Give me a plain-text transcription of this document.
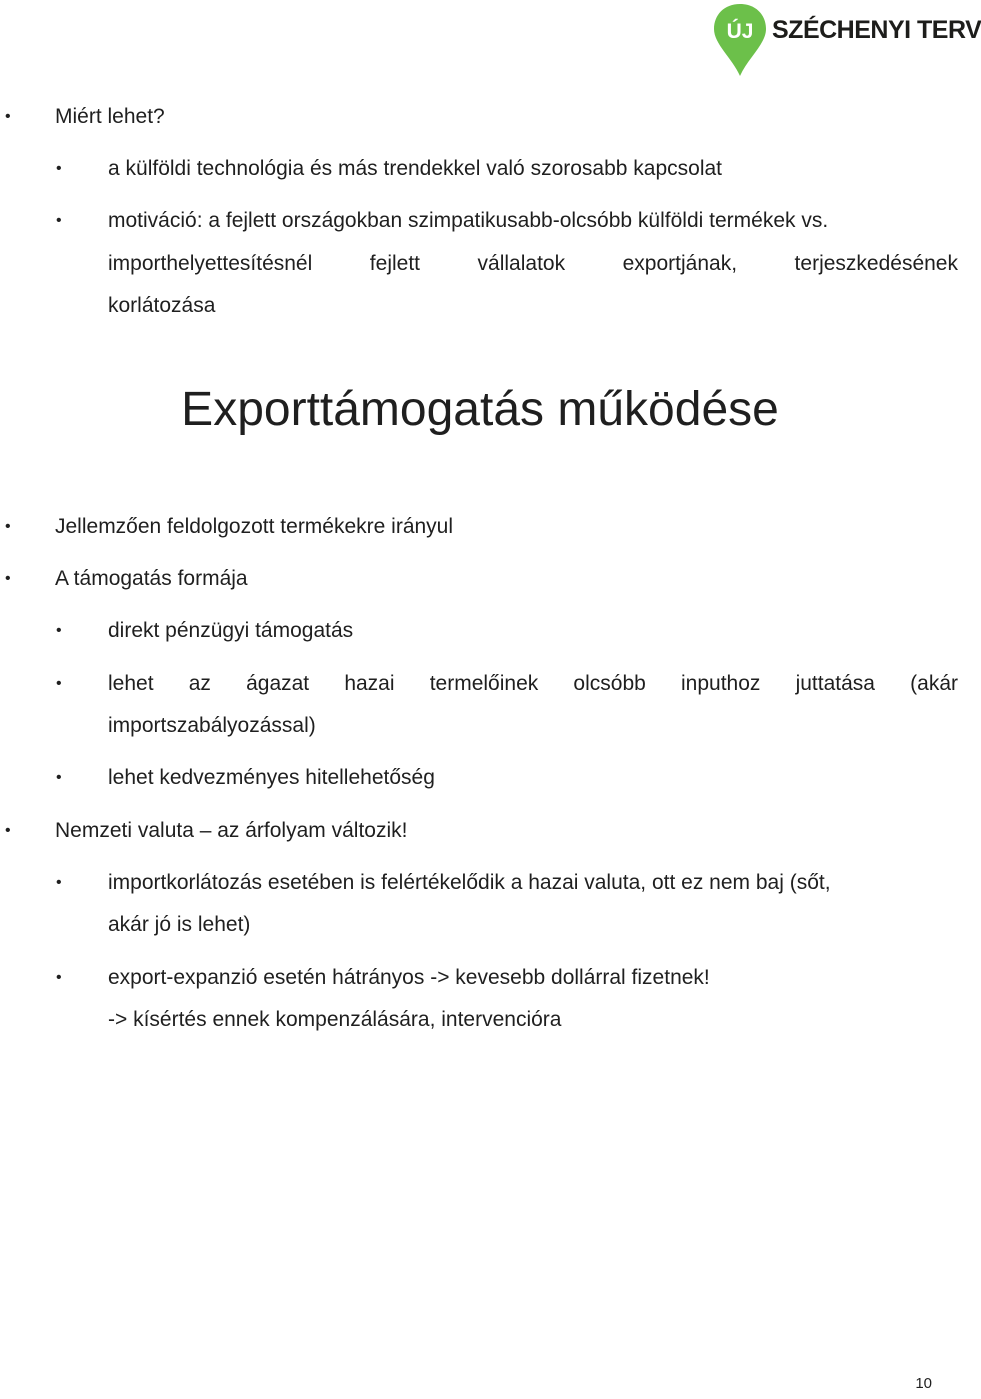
ÚJ SZÉCHENYI TERV
• Miért lehet?
• a külföldi technológia és más trendekkel való szorosabb kapcsolat
• motiváció: a fejlett országokban szimpatikusabb-olcsóbb külföldi termékek vs.
importhelyettesítésnél fejlett vállalatok exportjának, terjeszkedésének
korlátozása
Exporttámogatás működése
• Jellemzően feldolgozott termékekre irányul
• A támogatás formája
• direkt pénzügyi támogatás
• lehet az ágazat hazai termelőinek olcsóbb inputhoz juttatása (akár
importszabályozással)
• lehet kedvezményes hitellehetőség
• Nemzeti valuta – az árfolyam változik!
• importkorlátozás esetében is felértékelődik a hazai valuta, ott ez nem baj (sőt,
akár jó is lehet)
• export-expanzió esetén hátrányos -> kevesebb dollárral fizetnek!
-> kísértés ennek kompenzálására, intervencióra
10
